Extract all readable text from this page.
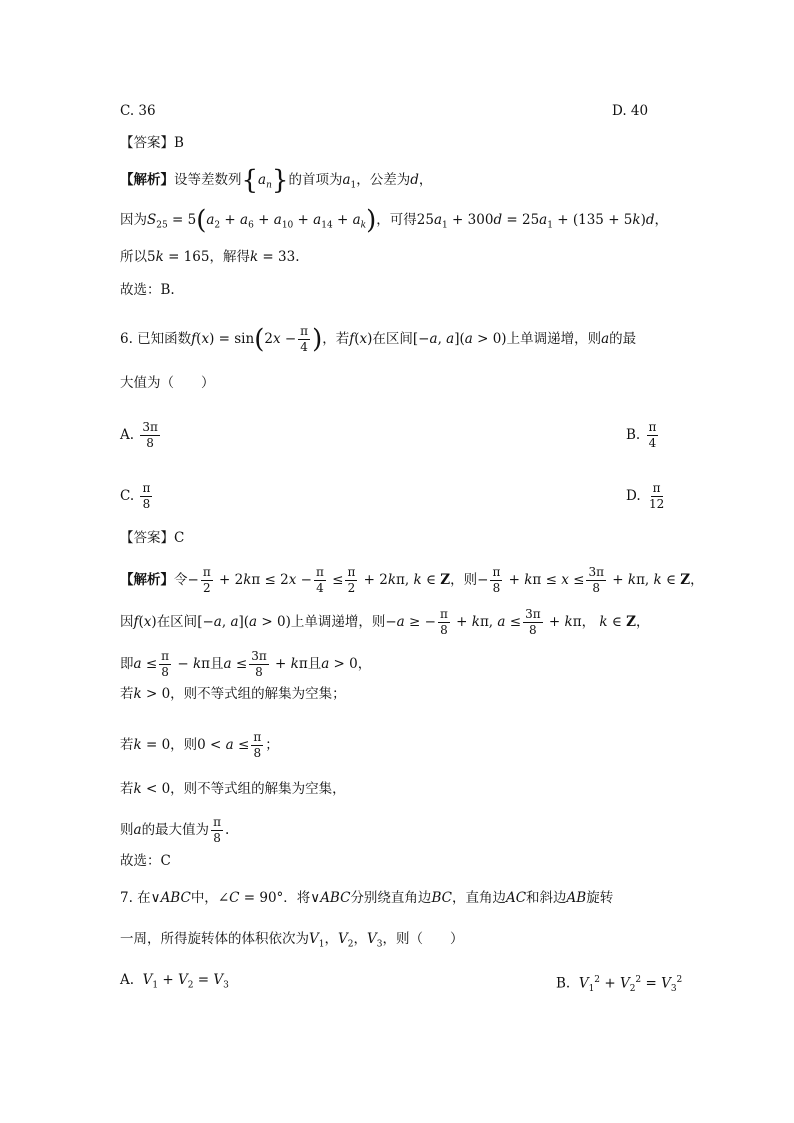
C. 36	D. 40
【答案】B
【解析】设等差数列$\{a_n\}$的首项为$a_1$，公差为d，
因为$S_{25} = 5(a_2 + a_6 + a_{10} + a_{14} + a_k)$，可得$25a_1 + 300d = 25a_1 + (135 + 5k)d$，
所以5k = 165，解得k = 33.
故选：B.
6. 已知函数$f(x) = \sin(2x - \frac{\pi}{4}$ )，若f(x)在区间[−a, a](a > 0)上单调递增，则a的最
大值为（　　）
A. $\frac{3\pi}{8}$	B. $\frac{\pi}{4}$
C. $\frac{\pi}{8}$	D. $\frac{\pi}{12}$
【答案】C
【解析】令− $\frac{\pi}{2} + 2k\pi \le 2x - \frac{\pi}{4} \le \frac{\pi}{2} + 2k\pi$, k ∈ Z，则− $\frac{\pi}{8} + k\pi \le x \le \frac{3\pi}{8} + k\pi$, k ∈ Z，
因f(x)在区间[−a, a](a > 0)上单调递增，则−a ≥ − $\frac{\pi}{8} + k\pi$, $a \le \frac{3\pi}{8} + k\pi$， k ∈ Z，
即$a \le \frac{\pi}{8} - k\pi$且$a \le \frac{3\pi}{8} + k\pi$且a > 0，
若k > 0，则不等式组的解集为空集；
若k = 0，则$0 < a \le \frac{\pi}{8}$ ；
若k < 0，则不等式组的解集为空集，
则a的最大值为 $\frac{\pi}{8}$ .
故选：C
7. 在∨ABC中，∠C = 90°．将∨ABC分别绕直角边BC，直角边AC和斜边AB旋转
一周，所得旋转体的体积依次为$V_1$，$V_2$，$V_3$，则（　　）
A. $V_1 + V_2 = V_3$	B. $V_1^2 + V_2^2 = V_3^2$
